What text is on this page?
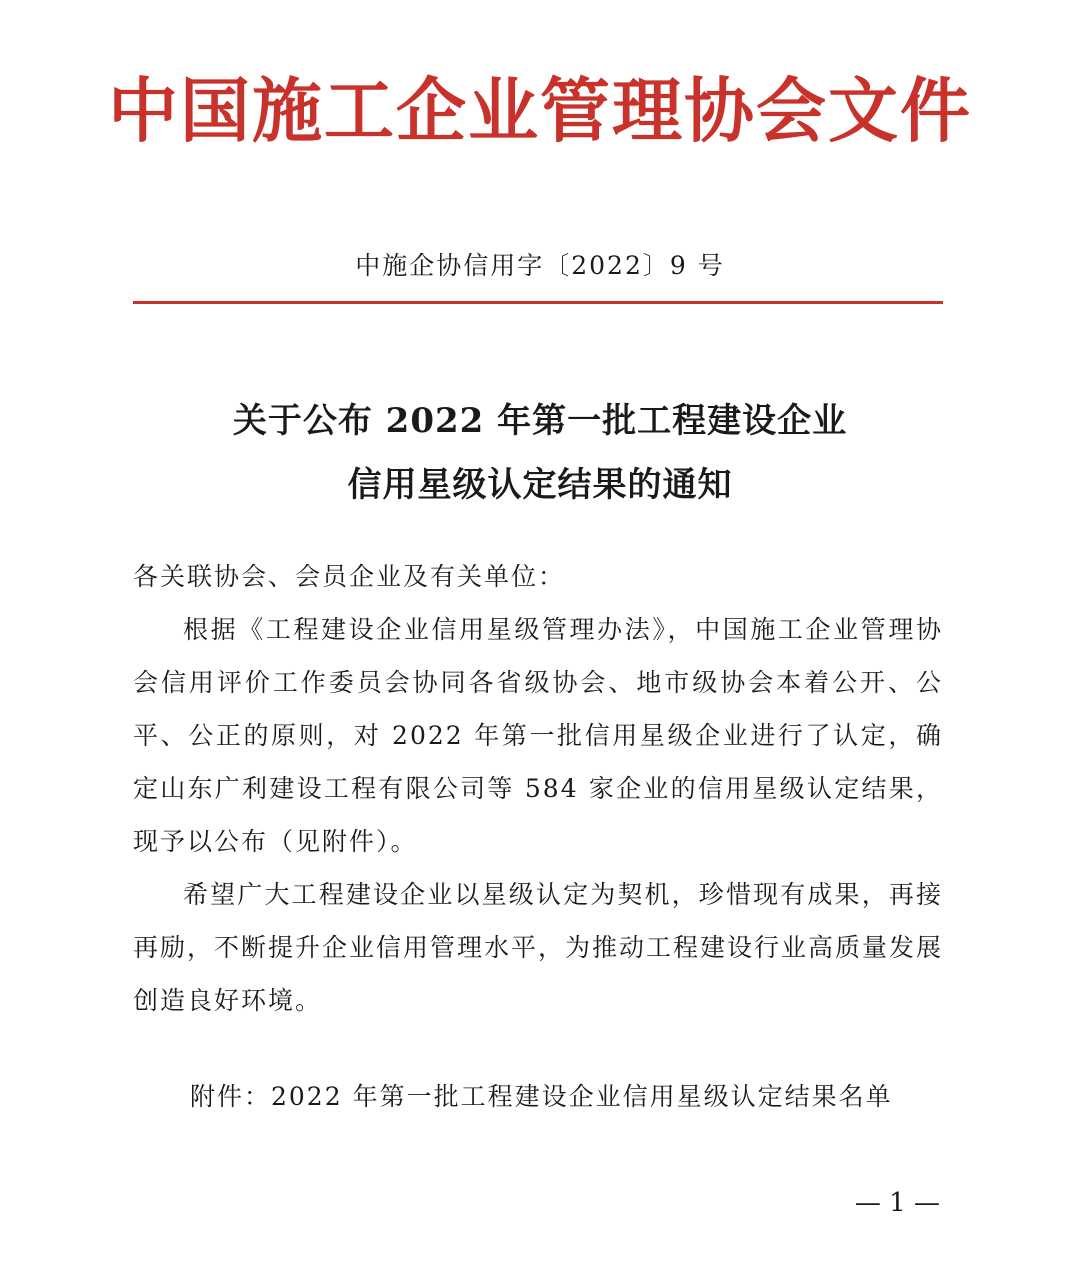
中国施工企业管理协会文件
中施企协信用字〔2022〕9 号
关于公布 2022 年第一批工程建设企业
信用星级认定结果的通知
各关联协会、会员企业及有关单位：
根据《工程建设企业信用星级管理办法》，中国施工企业管理协会信用评价工作委员会协同各省级协会、地市级协会本着公开、公平、公正的原则，对 2022 年第一批信用星级企业进行了认定，确定山东广利建设工程有限公司等 584 家企业的信用星级认定结果，现予以公布（见附件）。
希望广大工程建设企业以星级认定为契机，珍惜现有成果，再接再励，不断提升企业信用管理水平，为推动工程建设行业高质量发展创造良好环境。
附件：2022 年第一批工程建设企业信用星级认定结果名单
— 1 —
